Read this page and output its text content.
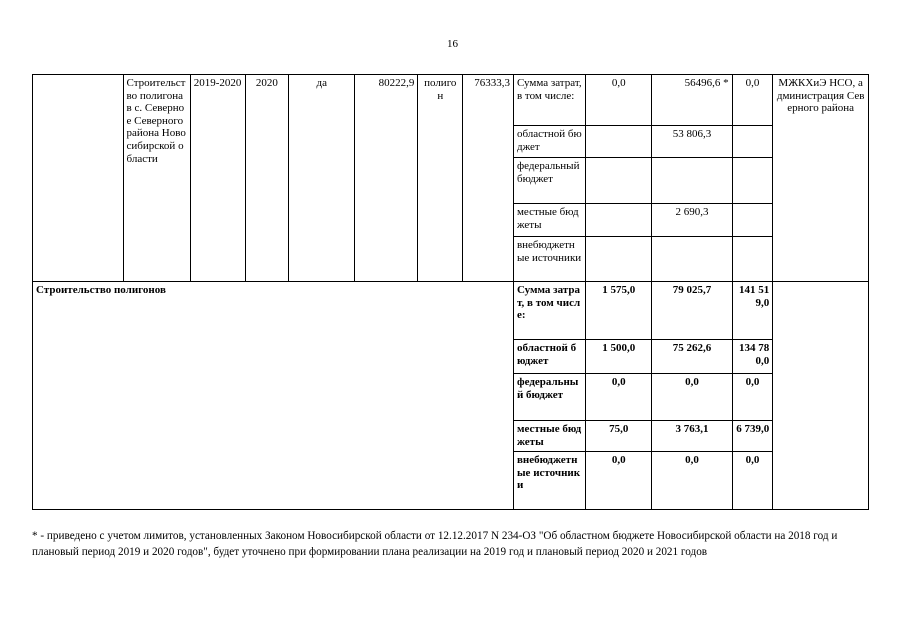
16
	Строительство полигона в с. Северное Северного района Новосибирской области	2019-2020	2020	да	80222,9	полигон	76333,3	Сумма затрат, в том числе:	0,0	56496,6 *	0,0	МЖКХиЭ НСО, администрация Северного района
								областной бюджет		53 806,3		
								федеральный бюджет				
								местные бюджеты		2 690,3		
								внебюджетные источники				
Строительство полигонов								Сумма затрат, в том числе:	1 575,0	79 025,7	141 519,0	
								областной бюджет	1 500,0	75 262,6	134 780,0	
								федеральный бюджет	0,0	0,0	0,0	
								местные бюджеты	75,0	3 763,1	6 739,0	
								внебюджетные источники	0,0	0,0	0,0	
* - приведено с учетом лимитов, установленных Законом Новосибирской области от 12.12.2017 N 234-ОЗ "Об областном бюджете Новосибирской области на 2018 год и плановый период 2019 и 2020 годов", будет уточнено при формировании плана реализации на 2019 год и плановый период 2020 и 2021 годов
